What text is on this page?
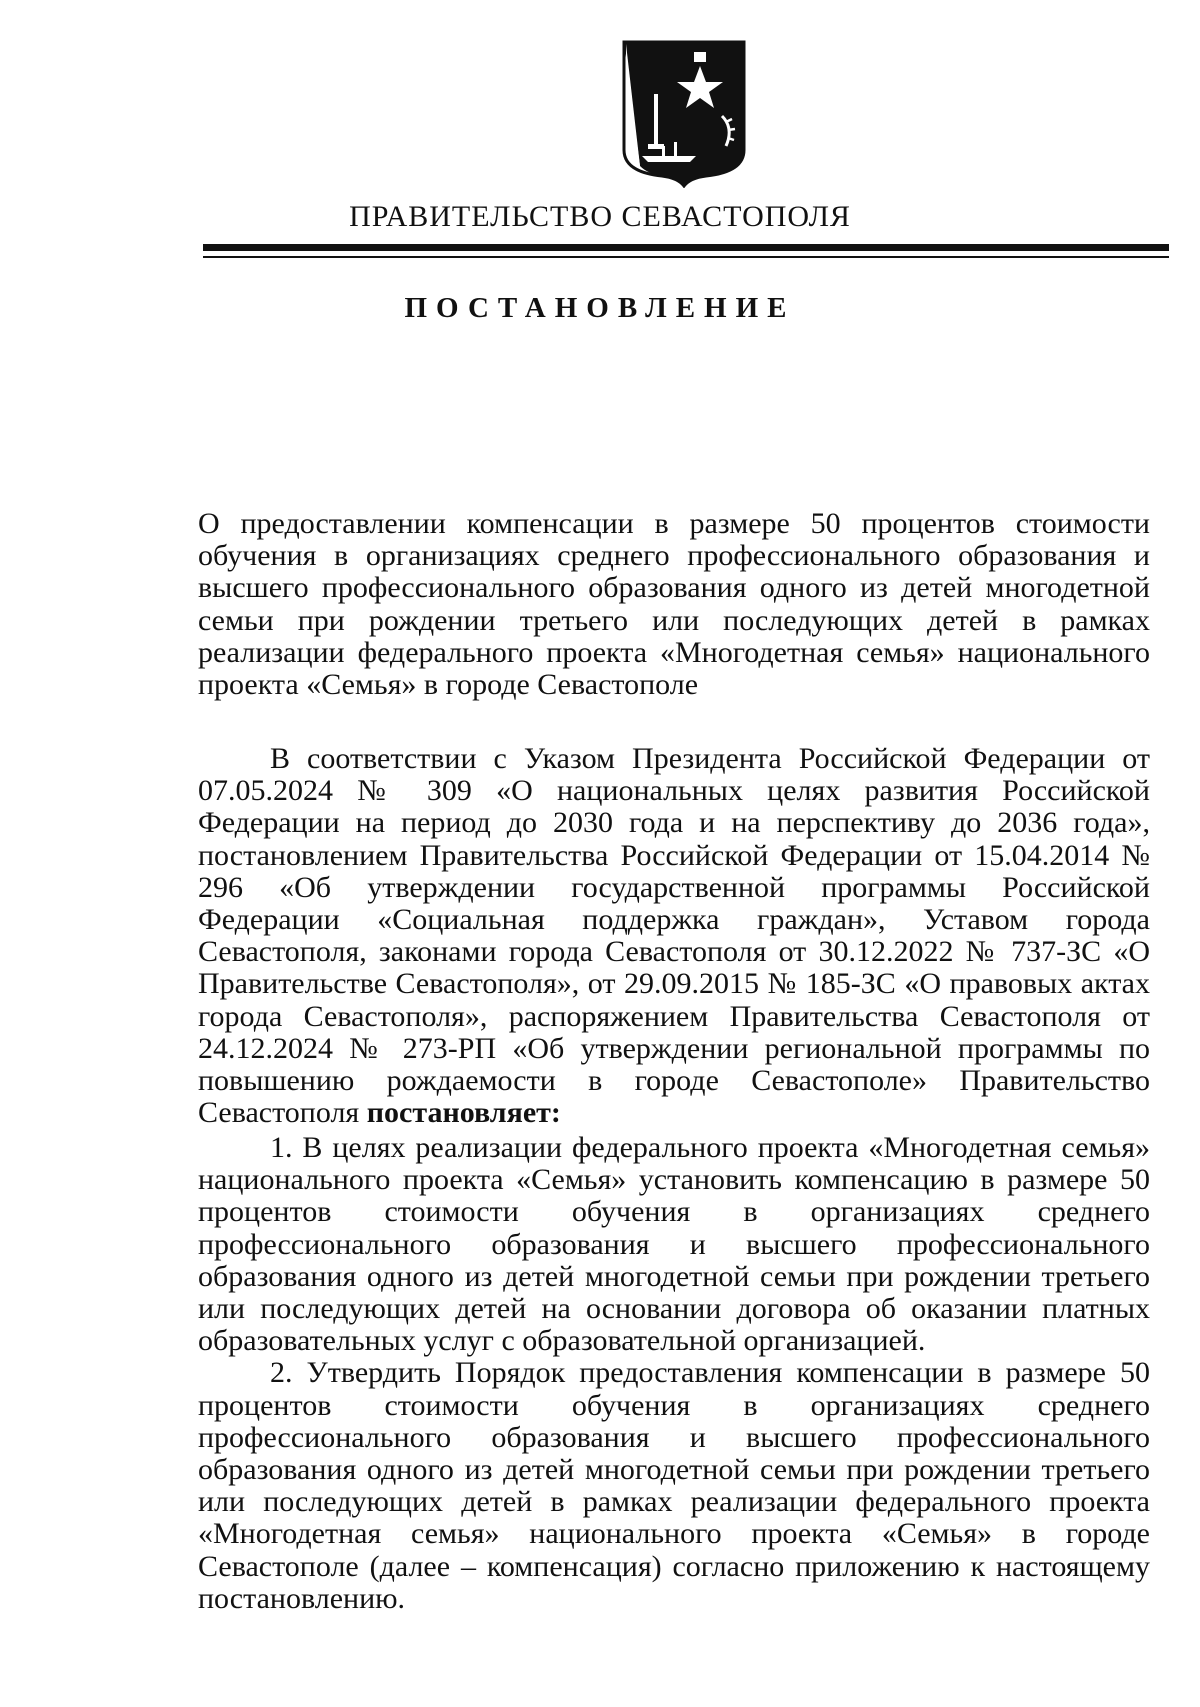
ПРАВИТЕЛЬСТВО СЕВАСТОПОЛЯ
ПОСТАНОВЛЕНИЕ

О предоставлении компенсации в размере 50 процентов стоимости обучения в организациях среднего профессионального образования и высшего профессионального образования одного из детей многодетной семьи при рождении третьего или последующих детей в рамках реализации федерального проекта «Многодетная семья» национального проекта «Семья» в городе Севастополе

В соответствии с Указом Президента Российской Федерации от 07.05.2024 № 309 «О национальных целях развития Российской Федерации на период до 2030 года и на перспективу до 2036 года», постановлением Правительства Российской Федерации от 15.04.2014 № 296 «Об утверждении государственной программы Российской Федерации «Социальная поддержка граждан», Уставом города Севастополя, законами города Севастополя от 30.12.2022 № 737-ЗС «О Правительстве Севастополя», от 29.09.2015 № 185-ЗС «О правовых актах города Севастополя», распоряжением Правительства Севастополя от 24.12.2024 № 273-РП «Об утверждении региональной программы по повышению рождаемости в городе Севастополе» Правительство Севастополя постановляет:

1. В целях реализации федерального проекта «Многодетная семья» национального проекта «Семья» установить компенсацию в размере 50 процентов стоимости обучения в организациях среднего профессионального образования и высшего профессионального образования одного из детей многодетной семьи при рождении третьего или последующих детей на основании договора об оказании платных образовательных услуг с образовательной организацией.

2. Утвердить Порядок предоставления компенсации в размере 50 процентов стоимости обучения в организациях среднего профессионального образования и высшего профессионального образования одного из детей многодетной семьи при рождении третьего или последующих детей в рамках реализации федерального проекта «Многодетная семья» национального проекта «Семья» в городе Севастополе (далее – компенсация) согласно приложению к настоящему постановлению.
